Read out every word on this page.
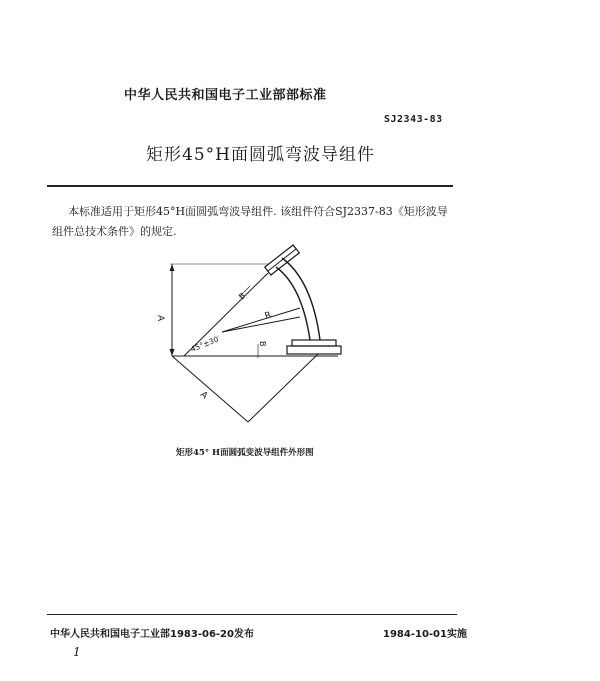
中华人民共和国电子工业部部标准
SJ2343-83
矩形45°H面圆弧弯波导组件
本标准适用于矩形45°H面圆弧弯波导组件. 该组件符合SJ2337-83《矩形波导组件总技术条件》的规定.
A
A
B
B
R
45°±30′
矩形45° H面圆弧变波导组件外形图
中华人民共和国电子工业部1983-06-20发布	1984-10-01实施
1
